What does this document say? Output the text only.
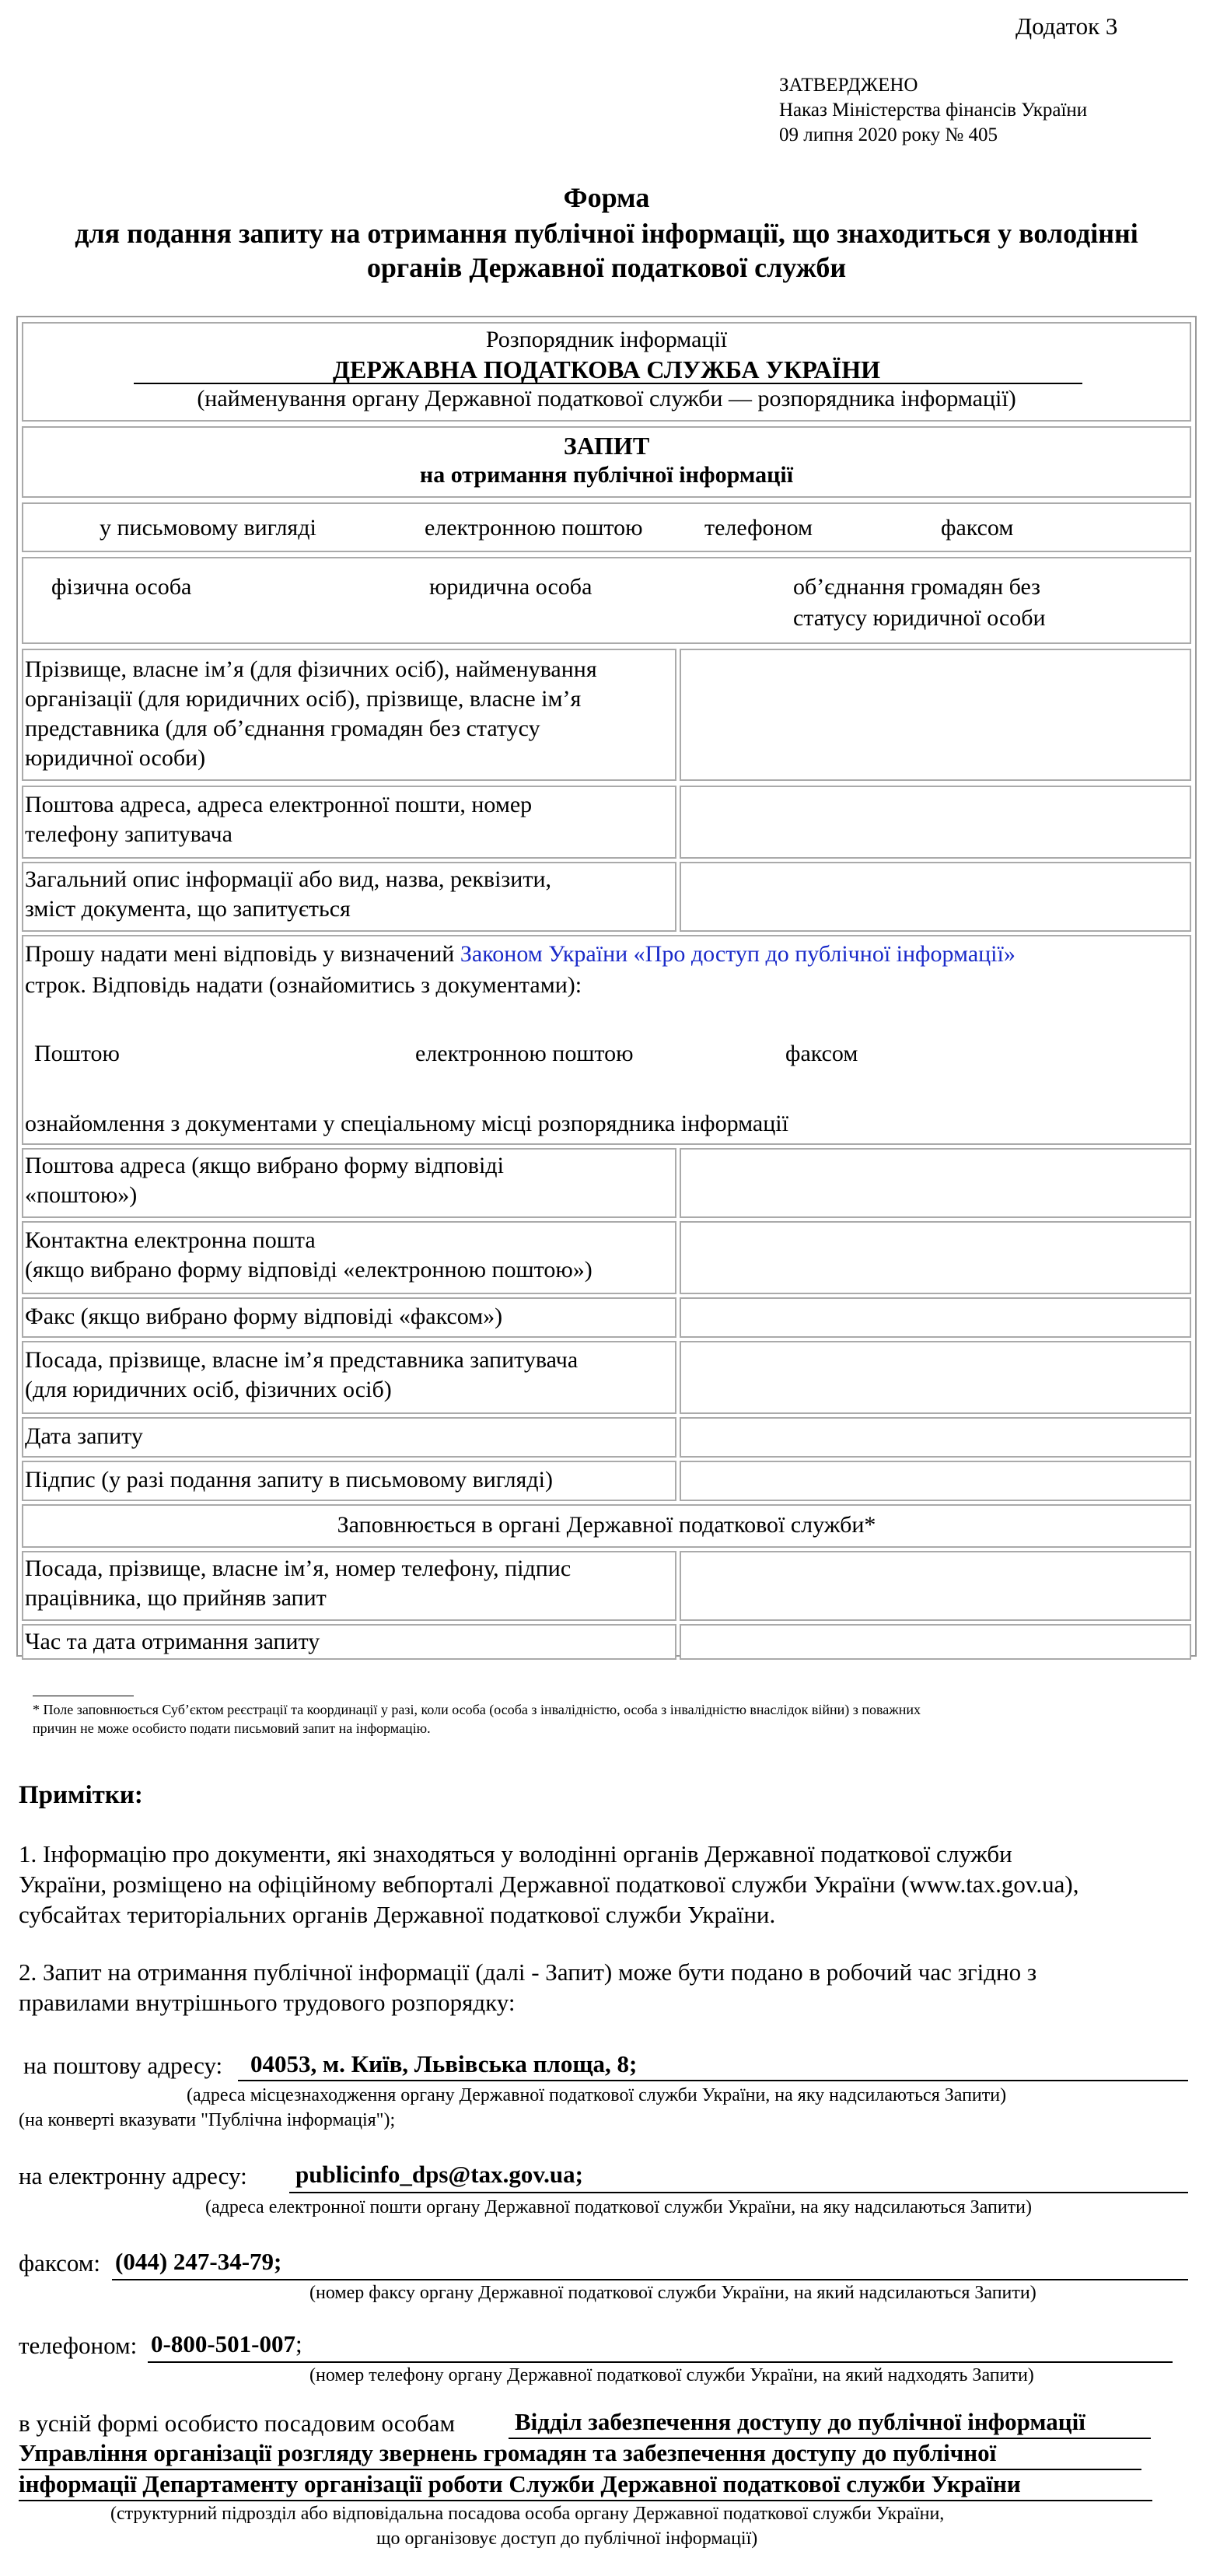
Додаток 3
ЗАТВЕРДЖЕНО
Наказ Міністерства фінансів України
09 липня 2020 року № 405
Форма
для подання запиту на отримання публічної інформації, що знаходиться у володінні
органів Державної податкової служби
Розпорядник інформації
ДЕРЖАВНА ПОДАТКОВА СЛУЖБА УКРАЇНИ
(найменування органу Державної податкової служби — розпорядника інформації)
ЗАПИТ
на отримання публічної інформації
у письмовому вигляді	електронною поштою	телефоном	факсом
фізична особа	юридична особа	об’єднання громадян без
статусу юридичної особи
Прізвище, власне ім’я (для фізичних осіб), найменування
організації (для юридичних осіб), прізвище, власне ім’я
представника (для об’єднання громадян без статусу
юридичної особи)
Поштова адреса, адреса електронної пошти, номер
телефону запитувача
Загальний опис інформації або вид, назва, реквізити,
зміст документа, що запитується
Прошу надати мені відповідь у визначений Законом України «Про доступ до публічної інформації»
строк. Відповідь надати (ознайомитись з документами):
Поштою	електронною поштою	факсом
ознайомлення з документами у спеціальному місці розпорядника інформації
Поштова адреса (якщо вибрано форму відповіді
«поштою»)
Контактна електронна пошта
(якщо вибрано форму відповіді «електронною поштою»)
Факс (якщо вибрано форму відповіді «факсом»)
Посада, прізвище, власне ім’я представника запитувача
(для юридичних осіб, фізичних осіб)
Дата запиту
Підпис (у разі подання запиту в письмовому вигляді)
Заповнюється в органі Державної податкової служби*
Посада, прізвище, власне ім’я, номер телефону, підпис
працівника, що прийняв запит
Час та дата отримання запиту
* Поле заповнюється Суб’єктом реєстрації та координації у разі, коли особа (особа з інвалідністю, особа з інвалідністю внаслідок війни) з поважних
причин не може особисто подати письмовий запит на інформацію.
Примітки:
1. Інформацію про документи, які знаходяться у володінні органів Державної податкової служби
України, розміщено на офіційному вебпорталі Державної податкової служби України (www.tax.gov.ua),
субсайтах територіальних органів Державної податкової служби України.
2. Запит на отримання публічної інформації (далі - Запит) може бути подано в робочий час згідно з
правилами внутрішнього трудового розпорядку:
на поштову адресу: 04053, м. Київ, Львівська площа, 8;
(адреса місцезнаходження органу Державної податкової служби України, на яку надсилаються Запити)
(на конверті вказувати "Публічна інформація");
на електронну адресу: publicinfo_dps@tax.gov.ua;
(адреса електронної пошти органу Державної податкової служби України, на яку надсилаються Запити)
факсом: (044) 247-34-79;
(номер факсу органу Державної податкової служби України, на який надсилаються Запити)
телефоном: 0-800-501-007;
(номер телефону органу Державної податкової служби України, на який надходять Запити)
в усній формі особисто посадовим особам Відділ забезпечення доступу до публічної інформації
Управління організації розгляду звернень громадян та забезпечення доступу до публічної
інформації Департаменту організації роботи Служби Державної податкової служби України
(структурний підрозділ або відповідальна посадова особа органу Державної податкової служби України,
що організовує доступ до публічної інформації)
